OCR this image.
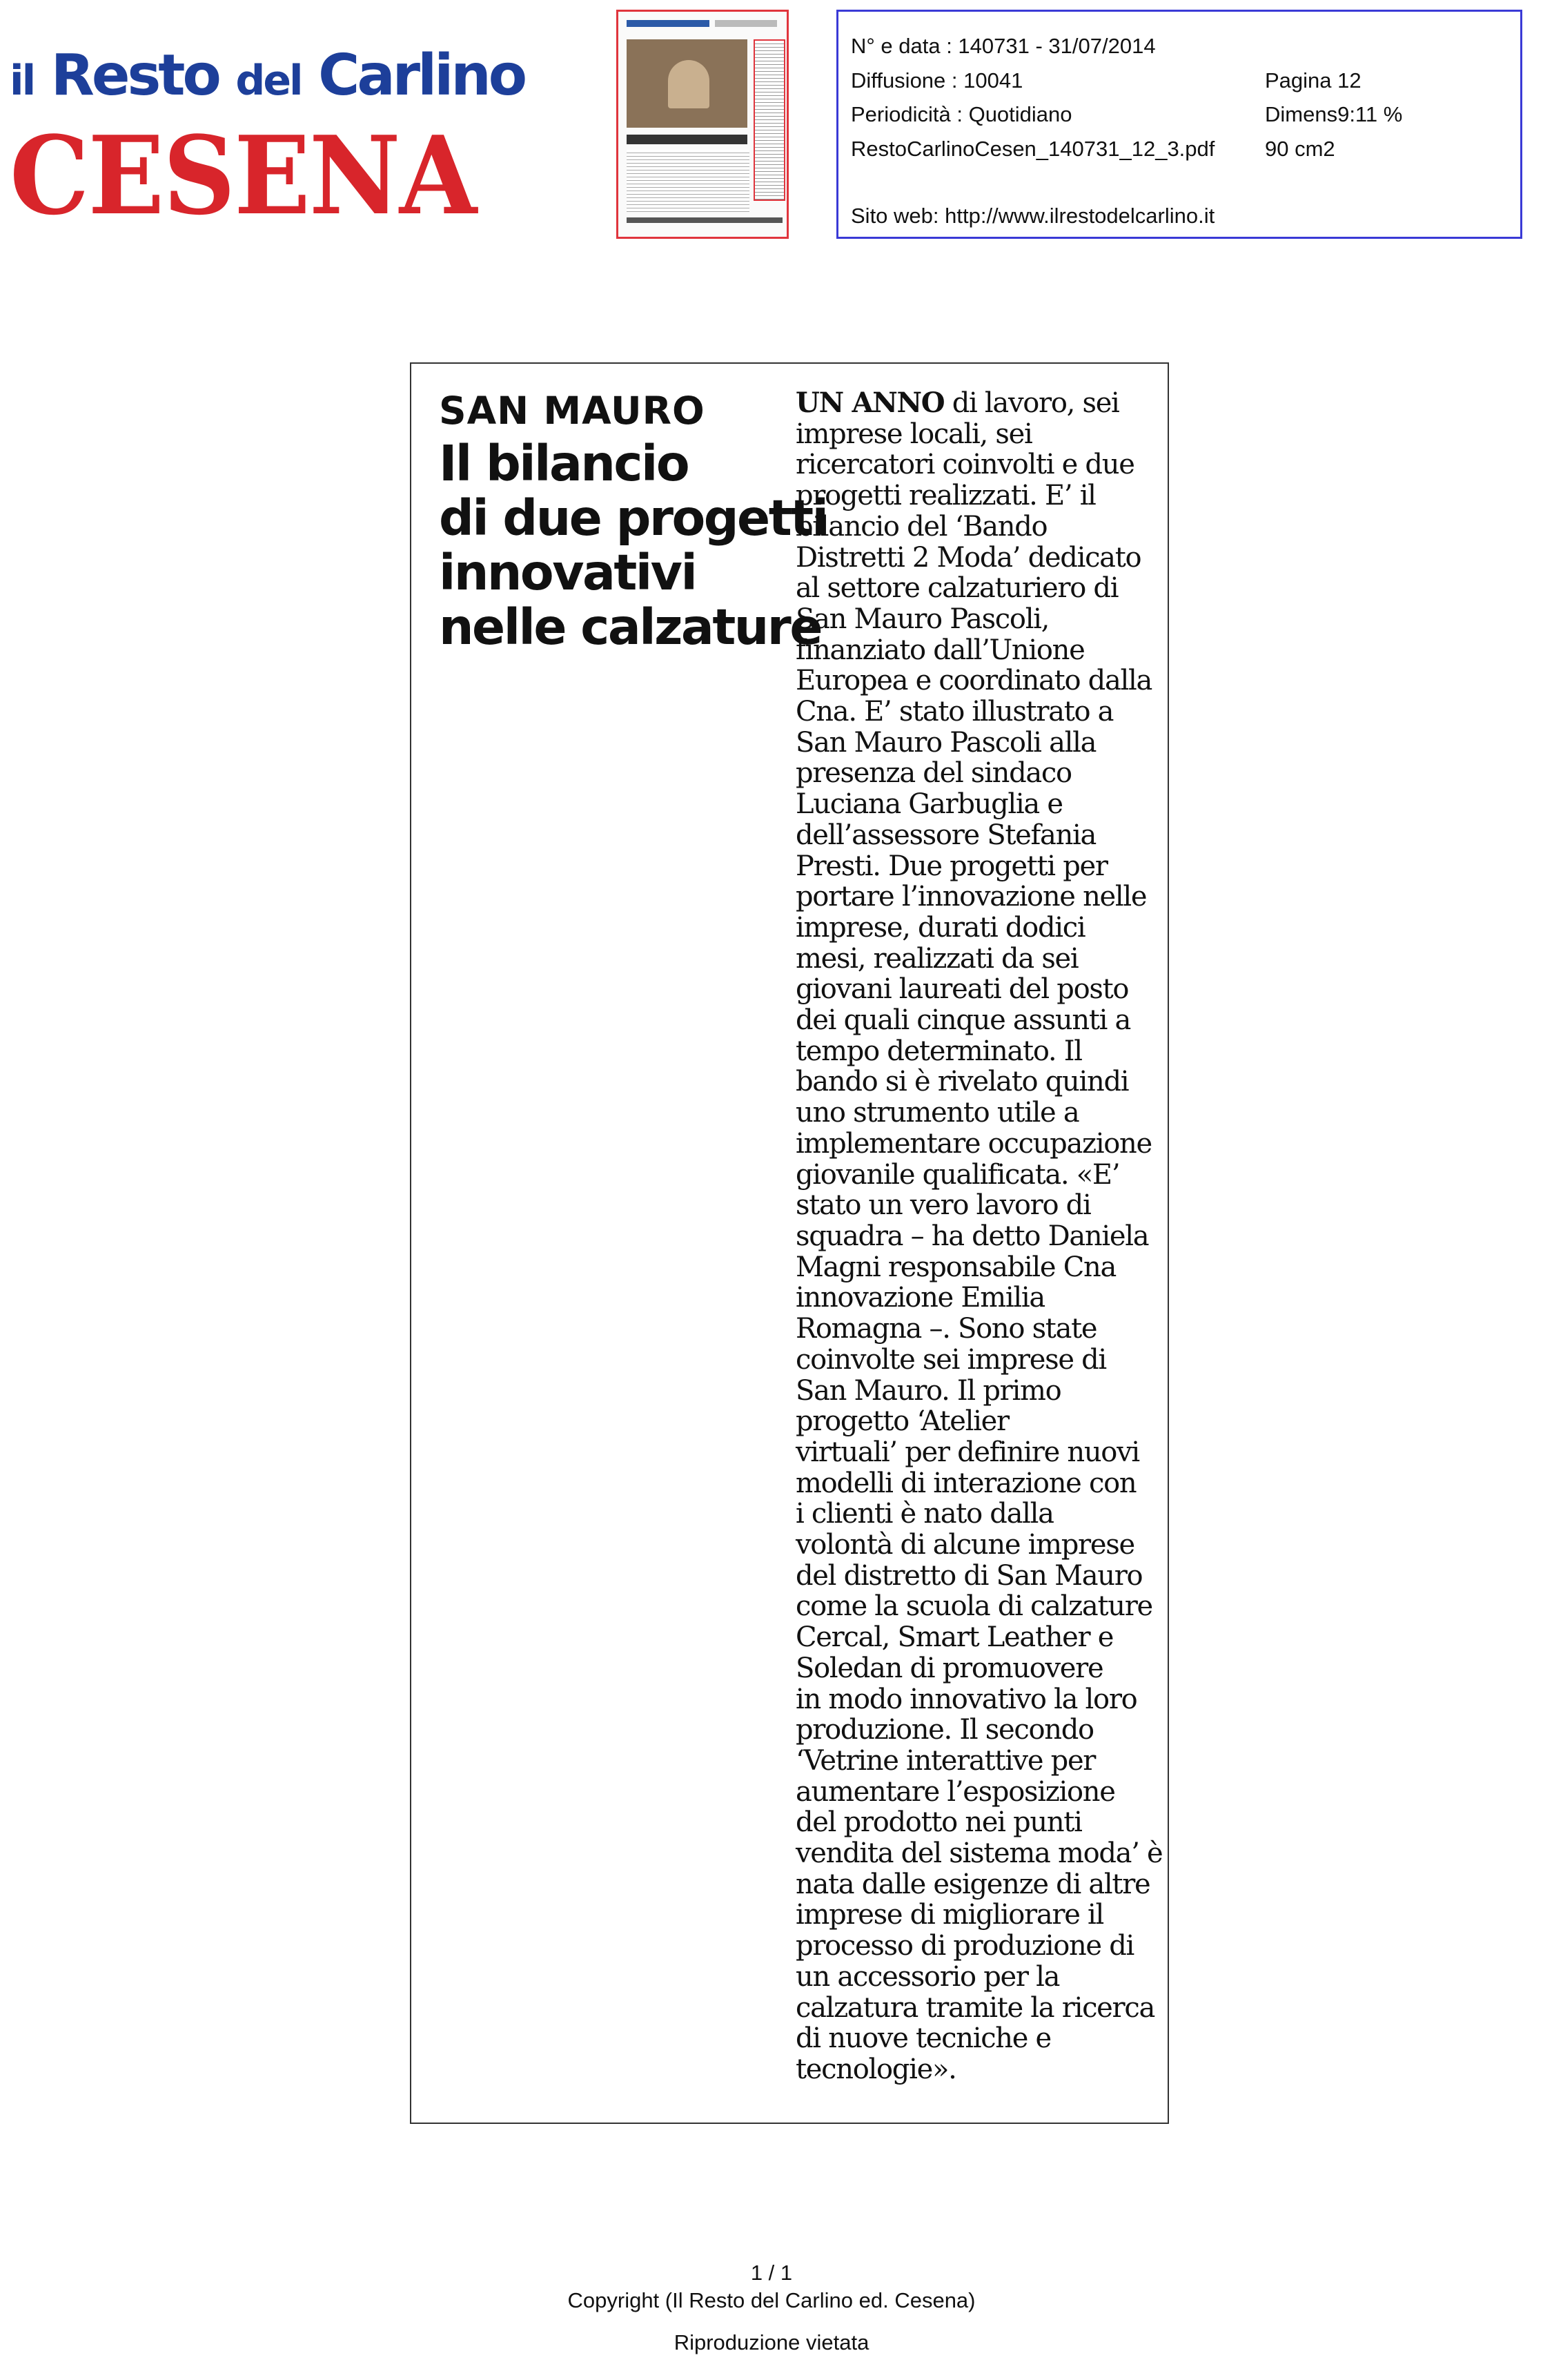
il Resto del Carlino
CESENA
N° e data : 140731 - 31/07/2014
Diffusione : 10041	Pagina 12
Periodicità : Quotidiano	Dimens9:11 %
RestoCarlinoCesen_140731_12_3.pdf 90 cm2
Sito web: http://www.ilrestodelcarlino.it
SAN MAURO
Il bilancio
di due progetti
innovativi
nelle calzature
UN ANNO di lavoro, sei
imprese locali, sei
ricercatori coinvolti e due
progetti realizzati. E’ il
bilancio del ‘Bando
Distretti 2 Moda’ dedicato
al settore calzaturiero di
San Mauro Pascoli,
finanziato dall’Unione
Europea e coordinato dalla
Cna. E’ stato illustrato a
San Mauro Pascoli alla
presenza del sindaco
Luciana Garbuglia e
dell’assessore Stefania
Presti. Due progetti per
portare l’innovazione nelle
imprese, durati dodici
mesi, realizzati da sei
giovani laureati del posto
dei quali cinque assunti a
tempo determinato. Il
bando si è rivelato quindi
uno strumento utile a
implementare occupazione
giovanile qualificata. «E’
stato un vero lavoro di
squadra – ha detto Daniela
Magni responsabile Cna
innovazione Emilia
Romagna –. Sono state
coinvolte sei imprese di
San Mauro. Il primo
progetto ‘Atelier
virtuali’ per definire nuovi
modelli di interazione con
i clienti è nato dalla
volontà di alcune imprese
del distretto di San Mauro
come la scuola di calzature
Cercal, Smart Leather e
Soledan di promuovere
in modo innovativo la loro
produzione. Il secondo
‘Vetrine interattive per
aumentare l’esposizione
del prodotto nei punti
vendita del sistema moda’ è
nata dalle esigenze di altre
imprese di migliorare il
processo di produzione di
un accessorio per la
calzatura tramite la ricerca
di nuove tecniche e
tecnologie».
1 / 1
Copyright (Il Resto del Carlino ed. Cesena)
Riproduzione vietata
